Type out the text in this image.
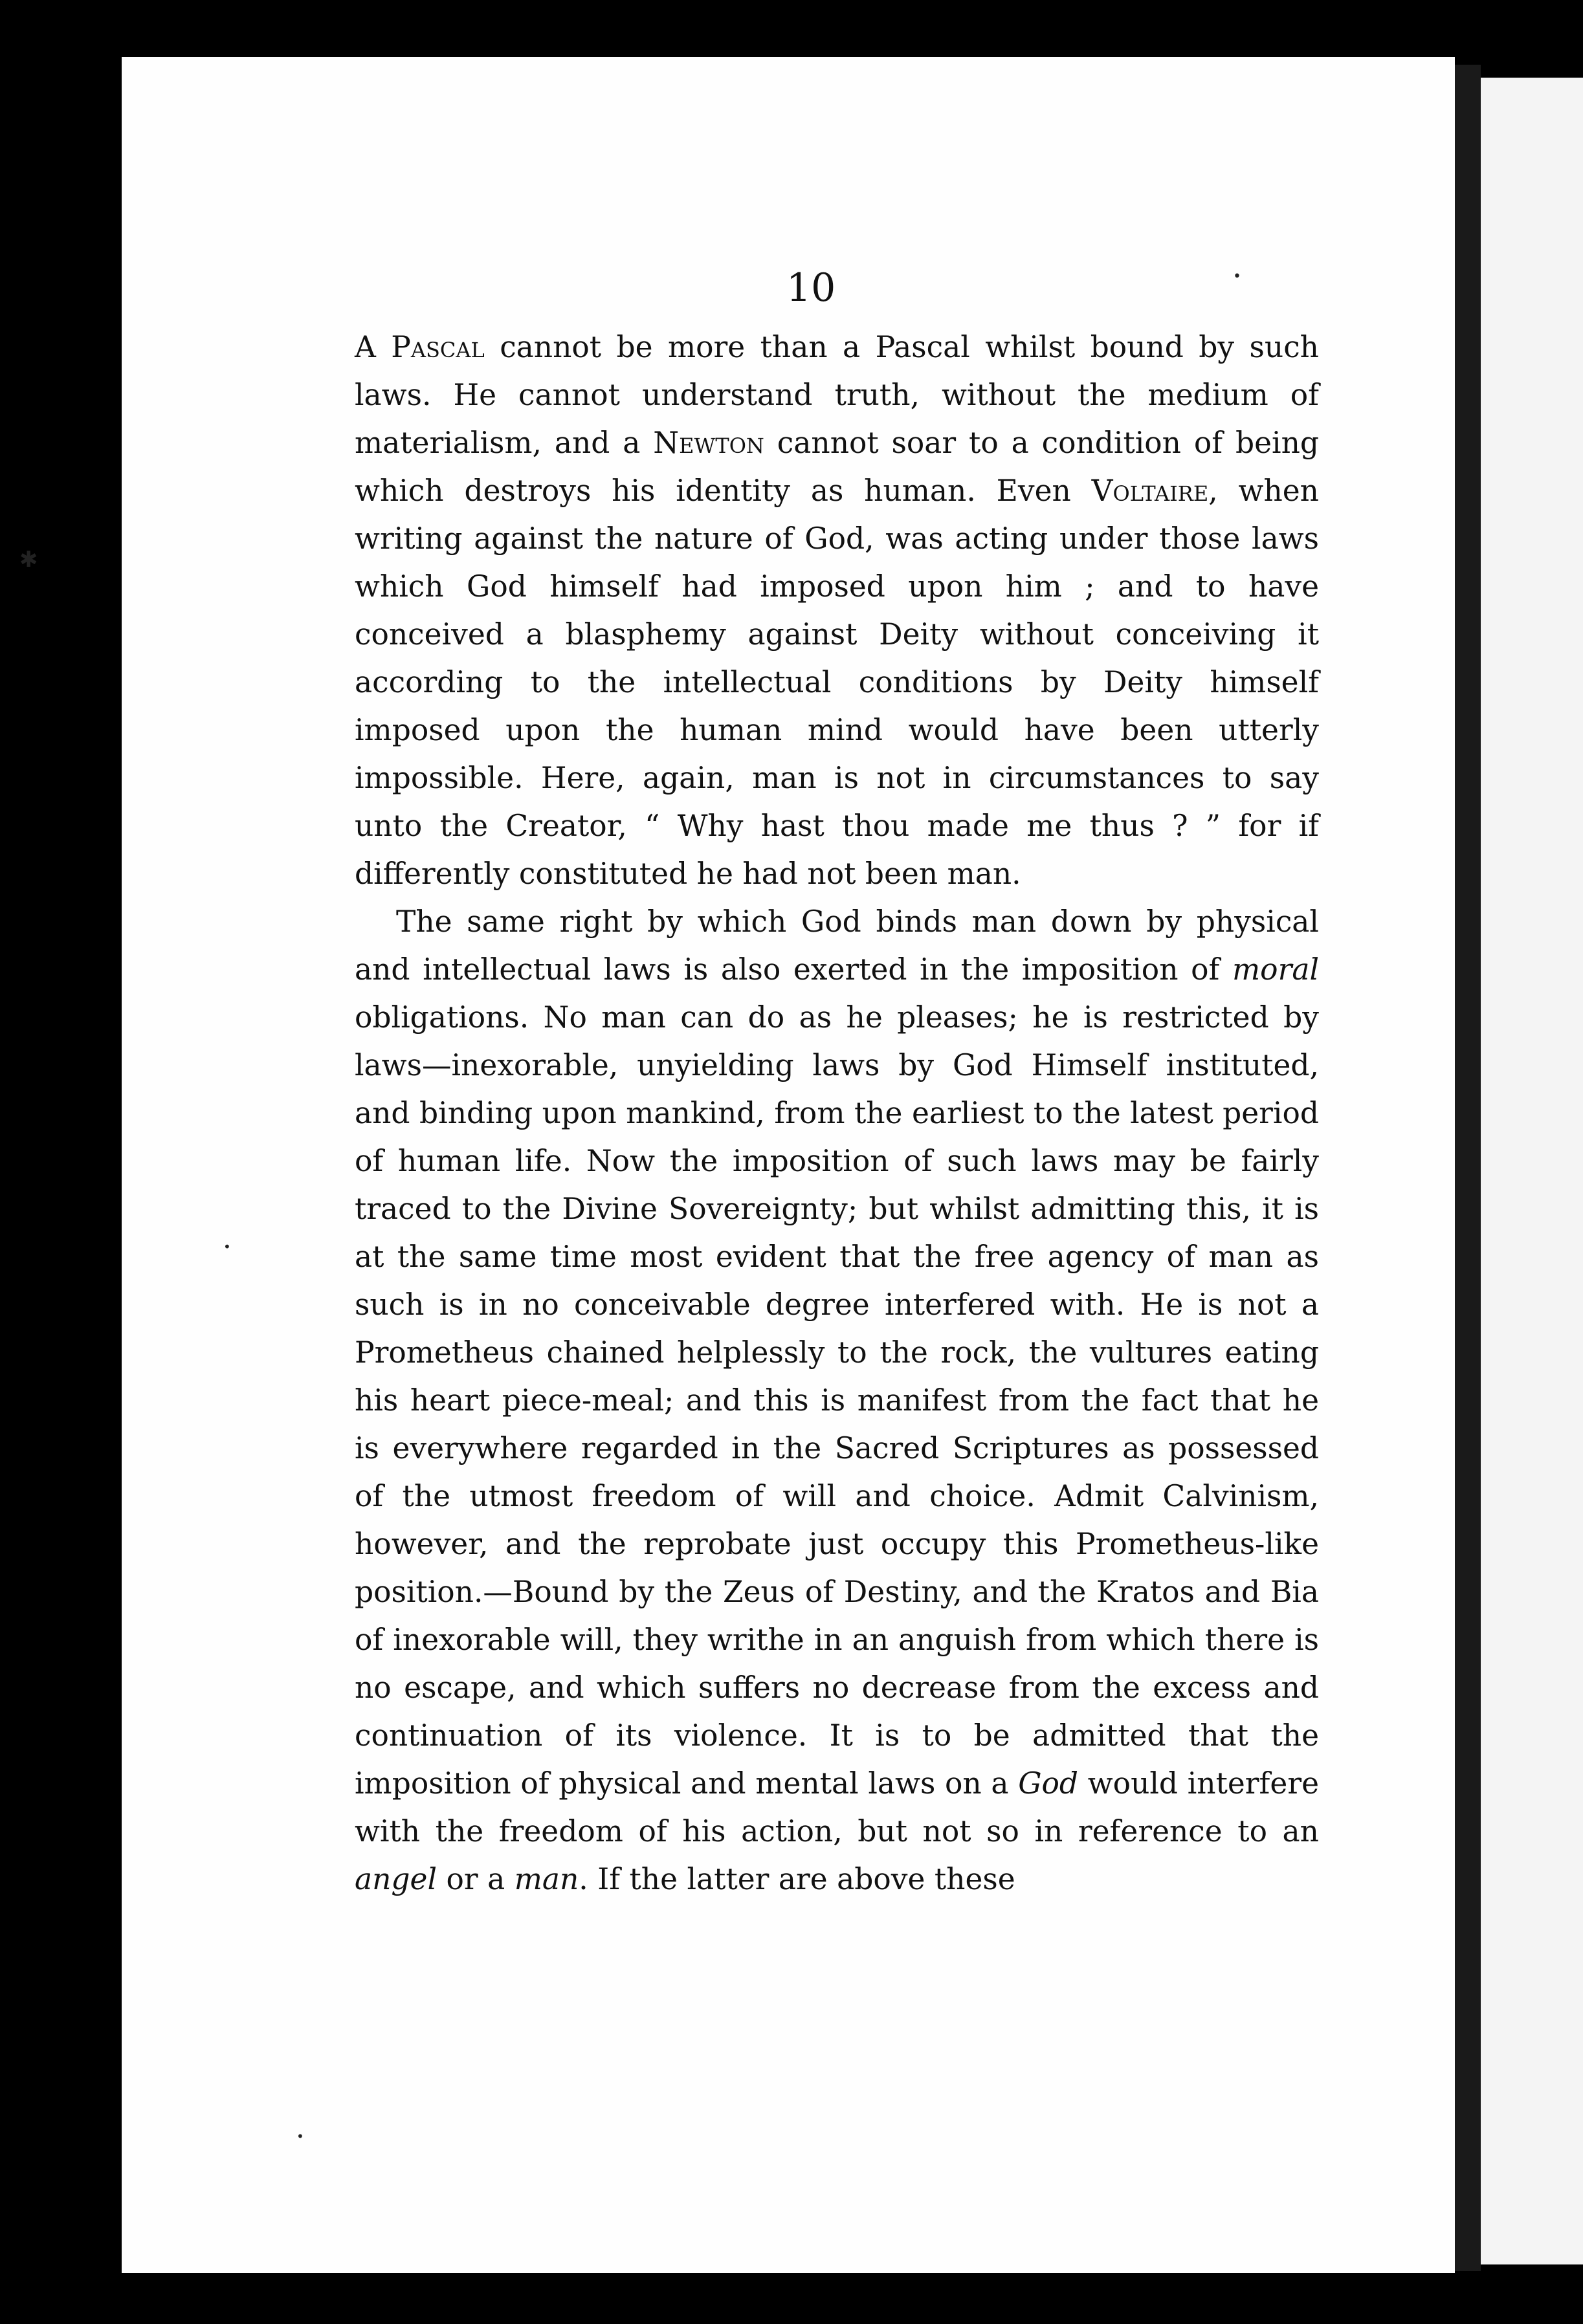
•
✱
•
•
10

A Pascal cannot be more than a Pascal whilst bound by such laws. He cannot understand truth, without the medium of materialism, and a Newton cannot soar to a condition of being which destroys his identity as human. Even Voltaire, when writing against the nature of God, was acting under those laws which God himself had imposed upon him ; and to have conceived a blasphemy against Deity without conceiving it according to the intellectual conditions by Deity himself imposed upon the human mind would have been utterly impossible. Here, again, man is not in circumstances to say unto the Creator, “ Why hast thou made me thus ? ” for if differently constituted he had not been man.

The same right by which God binds man down by physical and intellectual laws is also exerted in the imposition of moral obligations. No man can do as he pleases; he is restricted by laws—inexorable, unyielding laws by God Himself instituted, and binding upon mankind, from the earliest to the latest period of human life. Now the imposition of such laws may be fairly traced to the Divine Sovereignty; but whilst admitting this, it is at the same time most evident that the free agency of man as such is in no conceivable degree interfered with. He is not a Prometheus chained helplessly to the rock, the vultures eating his heart piece-meal; and this is manifest from the fact that he is everywhere regarded in the Sacred Scriptures as possessed of the utmost freedom of will and choice. Admit Calvinism, however, and the reprobate just occupy this Prometheus-like position.—Bound by the Zeus of Destiny, and the Kratos and Bia of inexorable will, they writhe in an anguish from which there is no escape, and which suffers no decrease from the excess and continuation of its violence. It is to be admitted that the imposition of physical and mental laws on a God would interfere with the freedom of his action, but not so in reference to an angel or a man. If the latter are above these
